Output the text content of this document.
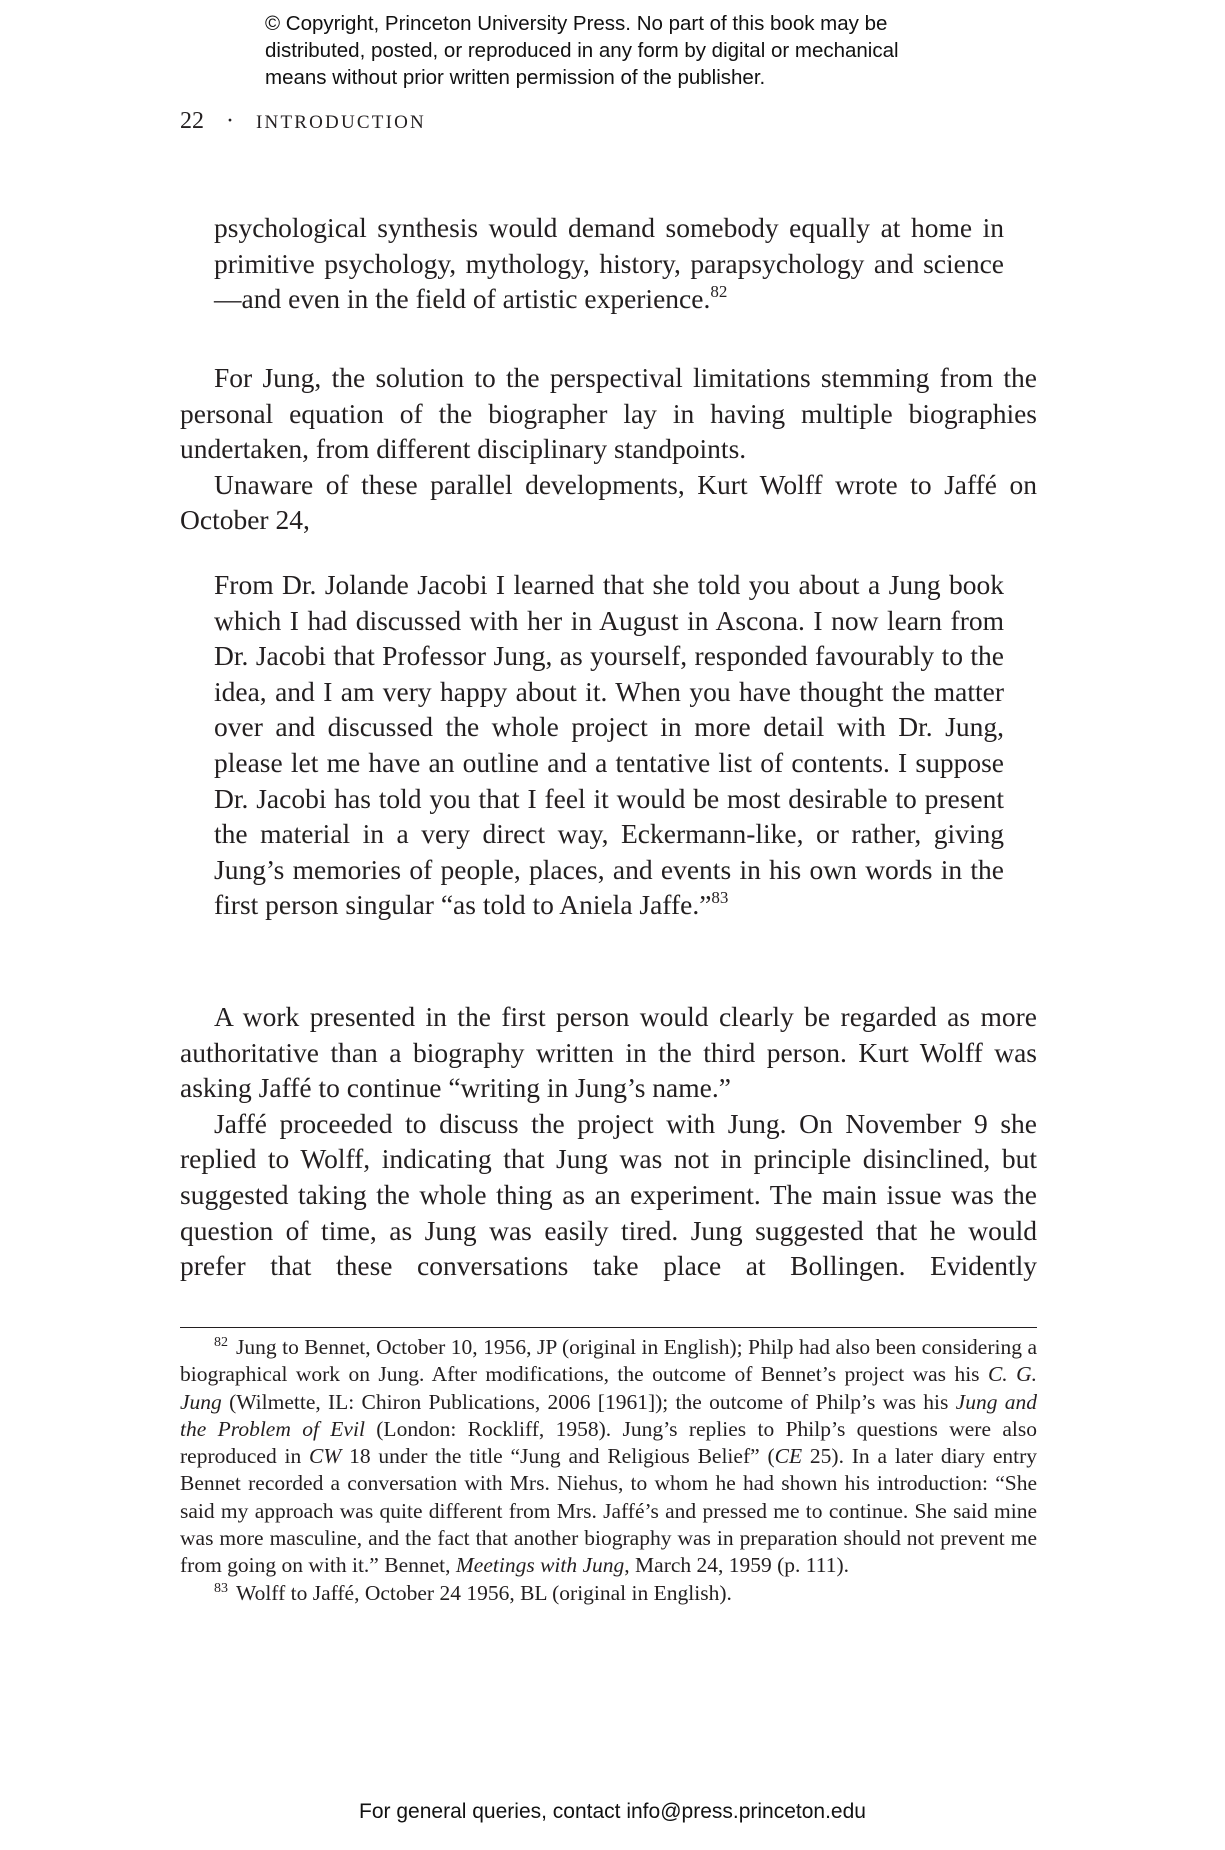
© Copyright, Princeton University Press. No part of this book may be
distributed, posted, or reproduced in any form by digital or mechanical
means without prior written permission of the publisher.
22 · INTRODUCTION

psychological synthesis would demand somebody equally at home in primitive psychology, mythology, history, parapsychology and science—and even in the field of artistic experience.$^{82}$

For Jung, the solution to the perspectival limitations stemming from the personal equation of the biographer lay in having multiple biographies undertaken, from different disciplinary standpoints.

Unaware of these parallel developments, Kurt Wolff wrote to Jaffé on October 24,

From Dr. Jolande Jacobi I learned that she told you about a Jung book which I had discussed with her in August in Ascona. I now learn from Dr. Jacobi that Professor Jung, as yourself, responded favourably to the idea, and I am very happy about it. When you have thought the matter over and discussed the whole project in more detail with Dr. Jung, please let me have an outline and a tentative list of contents. I suppose Dr. Jacobi has told you that I feel it would be most desirable to present the material in a very direct way, Eckermann-like, or rather, giving Jung’s memories of people, places, and events in his own words in the first person singular “as told to Aniela Jaffe.”$^{83}$

A work presented in the first person would clearly be regarded as more authoritative than a biography written in the third person. Kurt Wolff was asking Jaffé to continue “writing in Jung’s name.”

Jaffé proceeded to discuss the project with Jung. On November 9 she replied to Wolff, indicating that Jung was not in principle disinclined, but suggested taking the whole thing as an experiment. The main issue was the question of time, as Jung was easily tired. Jung suggested that he would prefer that these conversations take place at Bollingen. Evidently

$^{82}$ Jung to Bennet, October 10, 1956, JP (original in English); Philp had also been considering a biographical work on Jung. After modifications, the outcome of Bennet’s project was his C. G. Jung (Wilmette, IL: Chiron Publications, 2006 [1961]); the outcome of Philp’s was his Jung and the Problem of Evil (London: Rockliff, 1958). Jung’s replies to Philp’s questions were also reproduced in CW 18 under the title “Jung and Religious Belief” (CE 25). In a later diary entry Bennet recorded a conversation with Mrs. Niehus, to whom he had shown his introduction: “She said my approach was quite different from Mrs. Jaffé’s and pressed me to continue. She said mine was more masculine, and the fact that another biography was in preparation should not prevent me from going on with it.” Bennet, Meetings with Jung, March 24, 1959 (p. 111).

$^{83}$ Wolff to Jaffé, October 24 1956, BL (original in English).

For general queries, contact info@press.princeton.edu
